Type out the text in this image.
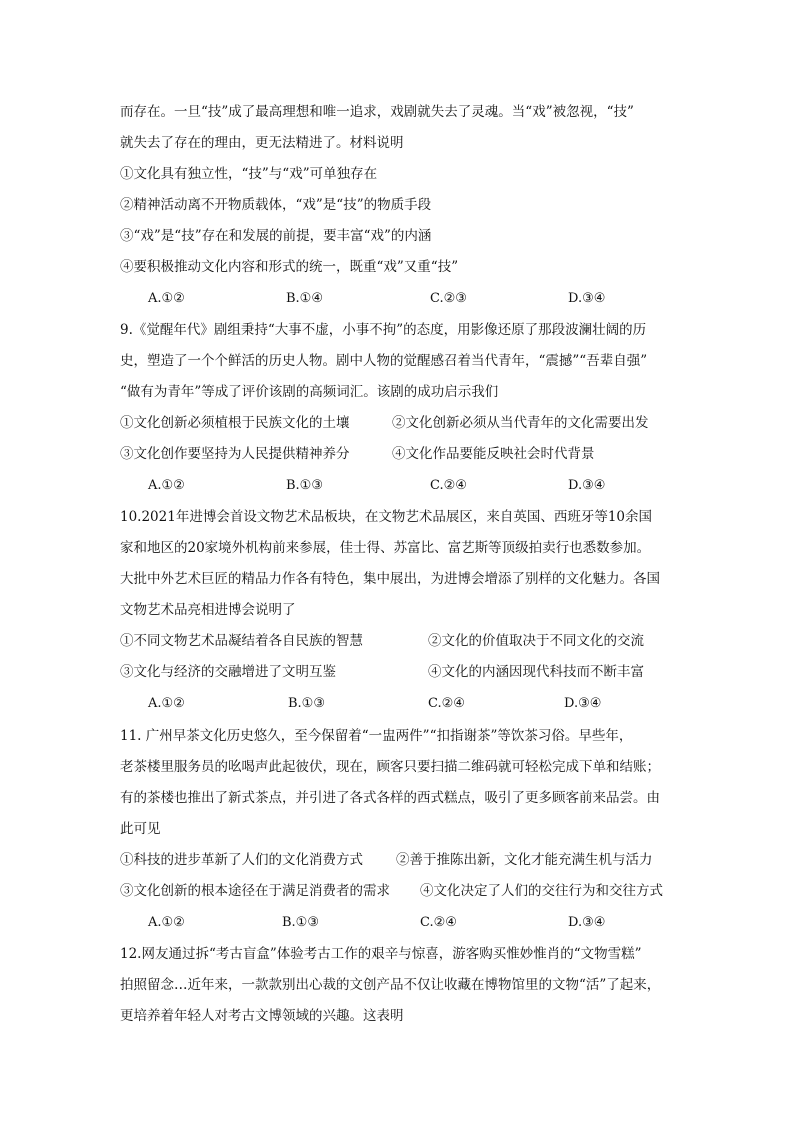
而存在。一旦“技”成了最高理想和唯一追求，戏剧就失去了灵魂。当“戏”被忽视，“技”
就失去了存在的理由，更无法精进了。材料说明
①文化具有独立性，“技”与“戏”可单独存在
②精神活动离不开物质载体，“戏”是“技”的物质手段
③“戏”是“技”存在和发展的前提，要丰富“戏”的内涵
④要积极推动文化内容和形式的统一，既重“戏”又重“技”
A.①②	B.①④	C.②③	D.③④
9.《觉醒年代》剧组秉持“大事不虚，小事不拘”的态度，用影像还原了那段波澜壮阔的历
史，塑造了一个个鲜活的历史人物。剧中人物的觉醒感召着当代青年，“震撼”“吾辈自强”
“做有为青年”等成了评价该剧的高频词汇。该剧的成功启示我们
①文化创新必须植根于民族文化的土壤	②文化创新必须从当代青年的文化需要出发
③文化创作要坚持为人民提供精神养分	④文化作品要能反映社会时代背景
A.①②	B.①③	C.②④	D.③④
10.2021年进博会首设文物艺术品板块，在文物艺术品展区，来自英国、西班牙等10余国
家和地区的20家境外机构前来参展，佳士得、苏富比、富艺斯等顶级拍卖行也悉数参加。
大批中外艺术巨匠的精品力作各有特色，集中展出，为进博会增添了别样的文化魅力。各国
文物艺术品亮相进博会说明了
①不同文物艺术品凝结着各自民族的智慧	②文化的价值取决于不同文化的交流
③文化与经济的交融增进了文明互鉴	④文化的内涵因现代科技而不断丰富
A.①②	B.①③	C.②④	D.③④
11. 广州早茶文化历史悠久，至今保留着“一盅两件”“扣指谢茶”等饮茶习俗。早些年，
老茶楼里服务员的吆喝声此起彼伏，现在，顾客只要扫描二维码就可轻松完成下单和结账；
有的茶楼也推出了新式茶点，并引进了各式各样的西式糕点，吸引了更多顾客前来品尝。由
此可见
①科技的进步革新了人们的文化消费方式 ②善于推陈出新，文化才能充满生机与活力
③文化创新的根本途径在于满足消费者的需求 ④文化决定了人们的交往行为和交往方式
A.①②	B.①③	C.②④	D.③④
12.网友通过拆“考古盲盒”体验考古工作的艰辛与惊喜，游客购买惟妙惟肖的“文物雪糕”
拍照留念…近年来，一款款别出心裁的文创产品不仅让收藏在博物馆里的文物“活”了起来，
更培养着年轻人对考古文博领域的兴趣。这表明
